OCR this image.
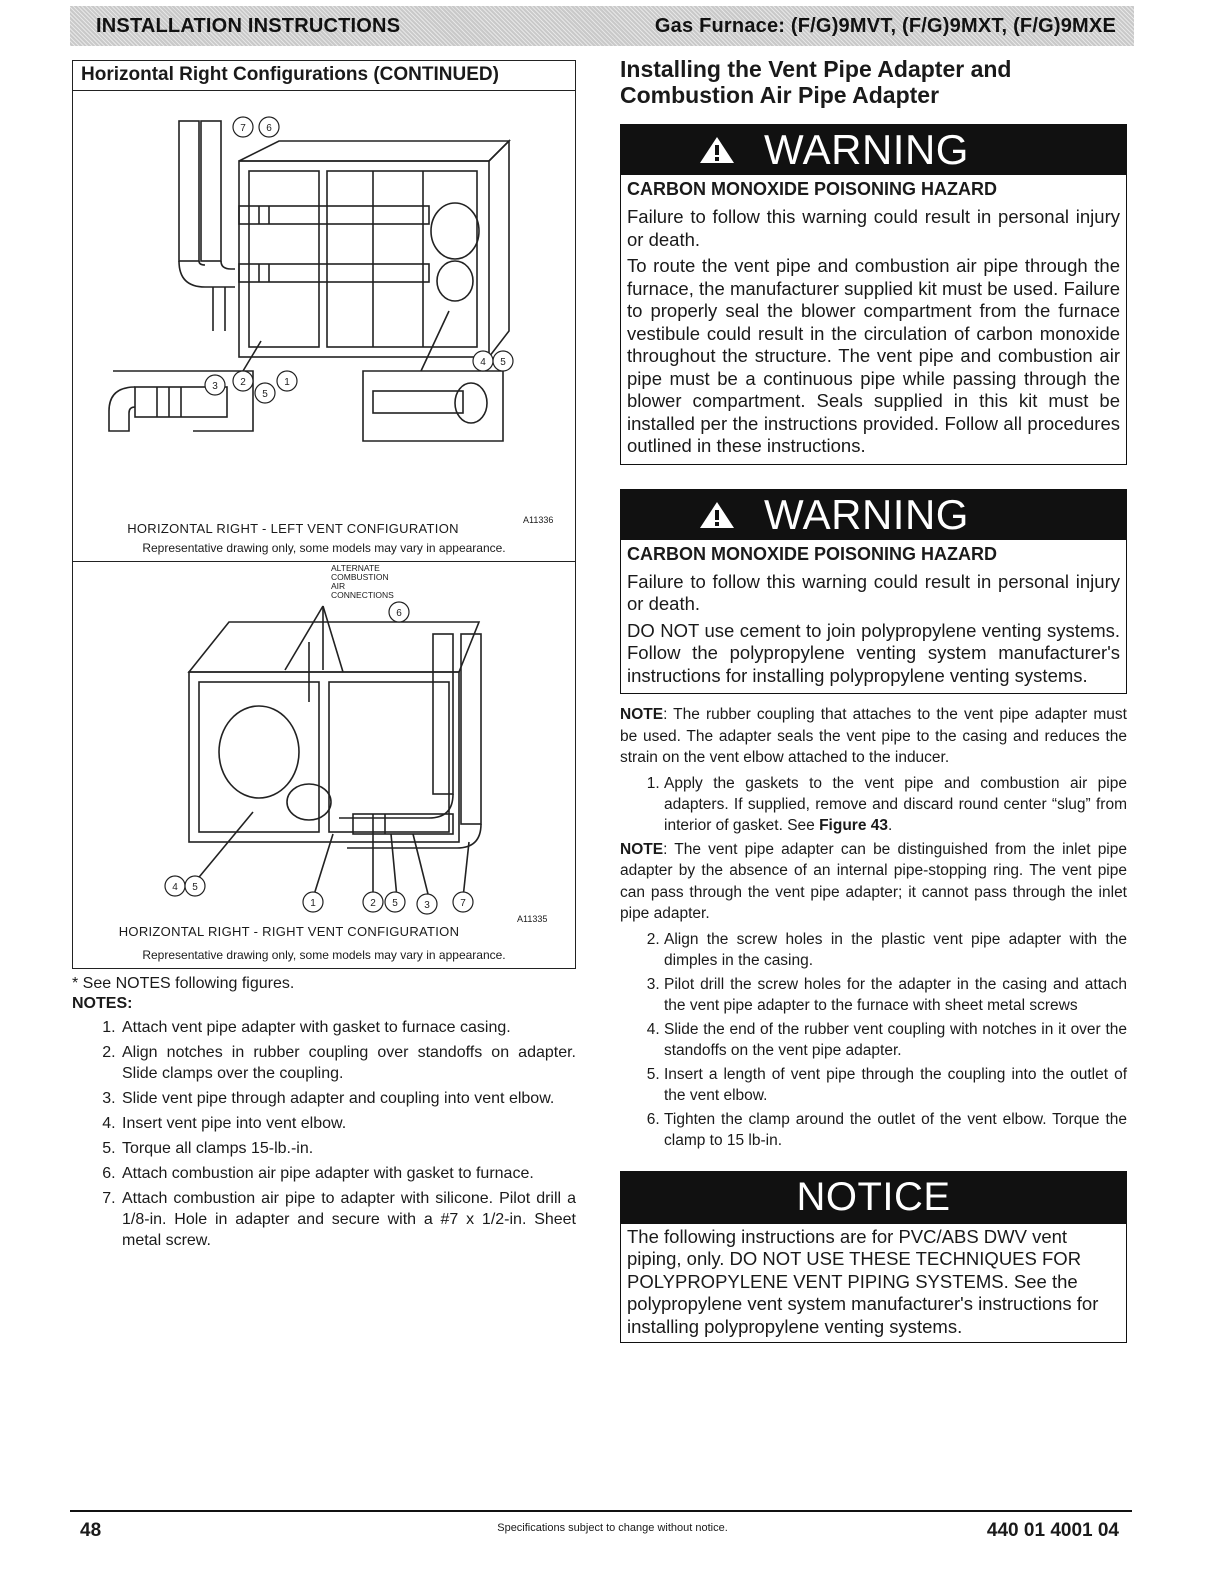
INSTALLATION INSTRUCTIONS	Gas Furnace: (F/G)9MVT, (F/G)9MXT, (F/G)9MXE
Horizontal Right Configurations (CONTINUED)
7 6
4 5
3 2
5
1
A11336
HORIZONTAL RIGHT - LEFT VENT CONFIGURATION
Representative drawing only, some models may vary in appearance.
ALTERNATE
COMBUSTION
AIR
CONNECTIONS
6
4 5
1	2 5	3	7
A11335
HORIZONTAL RIGHT - RIGHT VENT CONFIGURATION
Representative drawing only, some models may vary in appearance.
* See NOTES following figures.
NOTES:
1. Attach vent pipe adapter with gasket to furnace casing.
2. Align notches in rubber coupling over standoffs on adapter. Slide clamps over the coupling.
3. Slide vent pipe through adapter and coupling into vent elbow.
4. Insert vent pipe into vent elbow.
5. Torque all clamps 15-lb.-in.
6. Attach combustion air pipe adapter with gasket to furnace.
7. Attach combustion air pipe to adapter with silicone. Pilot drill a 1/8-in. Hole in adapter and secure with a #7 x 1/2-in. Sheet metal screw.
Installing the Vent Pipe Adapter and Combustion Air Pipe Adapter
WARNING
CARBON MONOXIDE POISONING HAZARD

Failure to follow this warning could result in personal injury or death.

To route the vent pipe and combustion air pipe through the furnace, the manufacturer supplied kit must be used. Failure to properly seal the blower compartment from the furnace vestibule could result in the circulation of carbon monoxide throughout the structure. The vent pipe and combustion air pipe must be a continuous pipe while passing through the blower compartment. Seals supplied in this kit must be installed per the instructions provided. Follow all procedures outlined in these instructions.

WARNING
CARBON MONOXIDE POISONING HAZARD

Failure to follow this warning could result in personal injury or death.

DO NOT use cement to join polypropylene venting systems. Follow the polypropylene venting system manufacturer's instructions for installing polypropylene venting systems.

NOTE: The rubber coupling that attaches to the vent pipe adapter must be used. The adapter seals the vent pipe to the casing and reduces the strain on the vent elbow attached to the inducer.

1. Apply the gaskets to the vent pipe and combustion air pipe adapters. If supplied, remove and discard round center “slug” from interior of gasket. See Figure 43.

NOTE: The vent pipe adapter can be distinguished from the inlet pipe adapter by the absence of an internal pipe-stopping ring. The vent pipe can pass through the vent pipe adapter; it cannot pass through the inlet pipe adapter.

2. Align the screw holes in the plastic vent pipe adapter with the dimples in the casing.
3. Pilot drill the screw holes for the adapter in the casing and attach the vent pipe adapter to the furnace with sheet metal screws
4. Slide the end of the rubber vent coupling with notches in it over the standoffs on the vent pipe adapter.
5. Insert a length of vent pipe through the coupling into the outlet of the vent elbow.
6. Tighten the clamp around the outlet of the vent elbow. Torque the clamp to 15 lb-in.
NOTICE
The following instructions are for PVC/ABS DWV vent piping, only. DO NOT USE THESE TECHNIQUES FOR POLYPROPYLENE VENT PIPING SYSTEMS. See the polypropylene vent system manufacturer's instructions for installing polypropylene venting systems.
48	Specifications subject to change without notice.	440 01 4001 04
